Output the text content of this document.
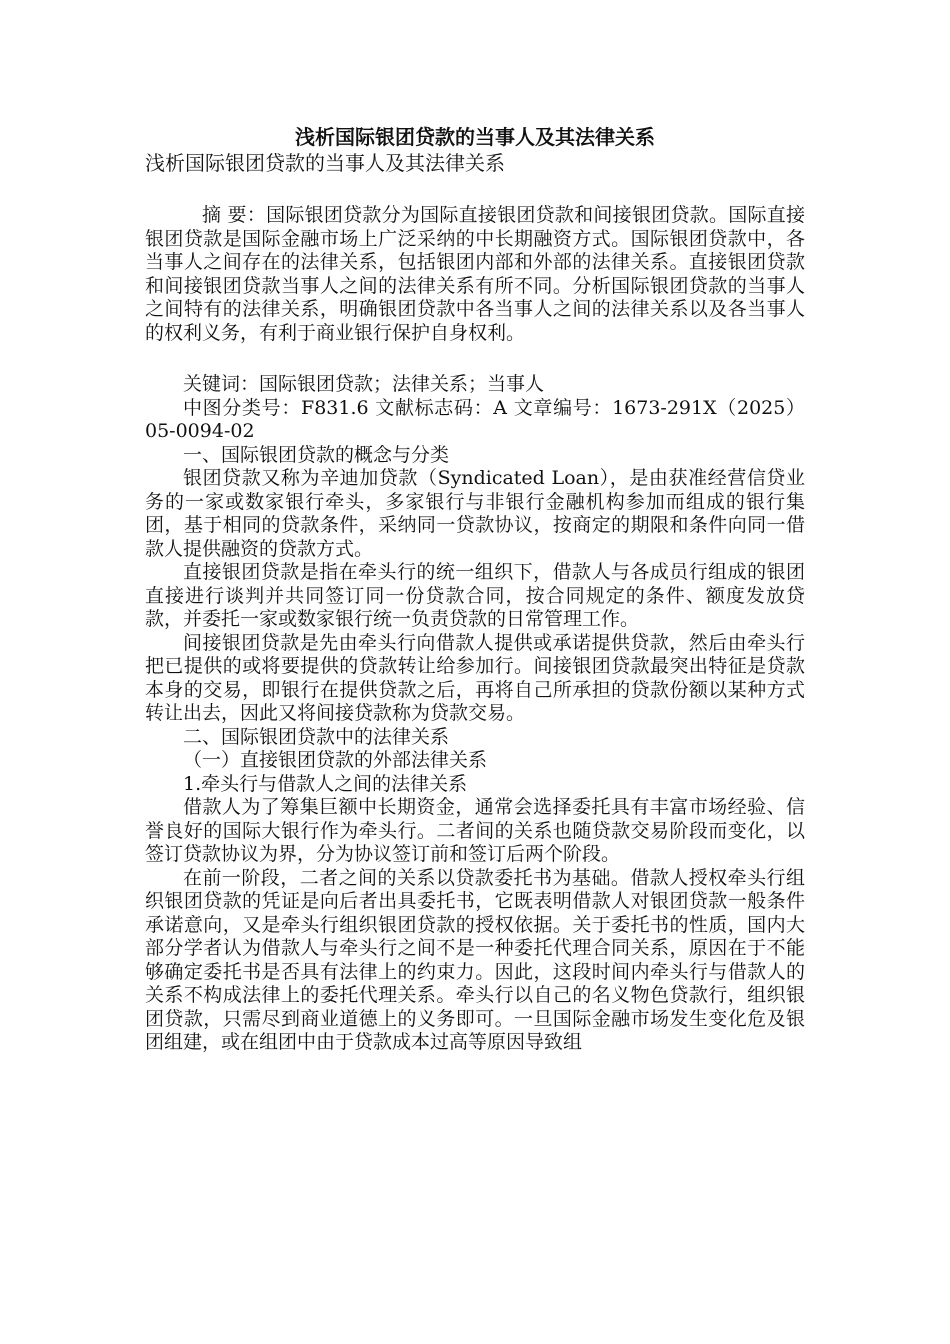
浅析国际银团贷款的当事人及其法律关系

浅析国际银团贷款的当事人及其法律关系

摘 要：国际银团贷款分为国际直接银团贷款和间接银团贷款。国际直接银团贷款是国际金融市场上广泛采纳的中长期融资方式。国际银团贷款中，各当事人之间存在的法律关系，包括银团内部和外部的法律关系。直接银团贷款和间接银团贷款当事人之间的法律关系有所不同。分析国际银团贷款的当事人之间特有的法律关系，明确银团贷款中各当事人之间的法律关系以及各当事人的权利义务，有利于商业银行保护自身权利。

关键词：国际银团贷款；法律关系；当事人

中图分类号：F831.6 文献标志码：A 文章编号：1673-291X（2025）05-0094-02

一、国际银团贷款的概念与分类

银团贷款又称为辛迪加贷款（Syndicated Loan），是由获准经营信贷业务的一家或数家银行牵头，多家银行与非银行金融机构参加而组成的银行集团，基于相同的贷款条件，采纳同一贷款协议，按商定的期限和条件向同一借款人提供融资的贷款方式。

直接银团贷款是指在牵头行的统一组织下，借款人与各成员行组成的银团直接进行谈判并共同签订同一份贷款合同，按合同规定的条件、额度发放贷款，并委托一家或数家银行统一负责贷款的日常管理工作。

间接银团贷款是先由牵头行向借款人提供或承诺提供贷款，然后由牵头行把已提供的或将要提供的贷款转让给参加行。间接银团贷款最突出特征是贷款本身的交易，即银行在提供贷款之后，再将自己所承担的贷款份额以某种方式转让出去，因此又将间接贷款称为贷款交易。

二、国际银团贷款中的法律关系

（一）直接银团贷款的外部法律关系

1.牵头行与借款人之间的法律关系

借款人为了筹集巨额中长期资金，通常会选择委托具有丰富市场经验、信誉良好的国际大银行作为牵头行。二者间的关系也随贷款交易阶段而变化，以签订贷款协议为界，分为协议签订前和签订后两个阶段。

在前一阶段，二者之间的关系以贷款委托书为基础。借款人授权牵头行组织银团贷款的凭证是向后者出具委托书，它既表明借款人对银团贷款一般条件承诺意向，又是牵头行组织银团贷款的授权依据。关于委托书的性质，国内大部分学者认为借款人与牵头行之间不是一种委托代理合同关系，原因在于不能够确定委托书是否具有法律上的约束力。因此，这段时间内牵头行与借款人的关系不构成法律上的委托代理关系。牵头行以自己的名义物色贷款行，组织银团贷款，只需尽到商业道德上的义务即可。一旦国际金融市场发生变化危及银团组建，或在组团中由于贷款成本过高等原因导致组
